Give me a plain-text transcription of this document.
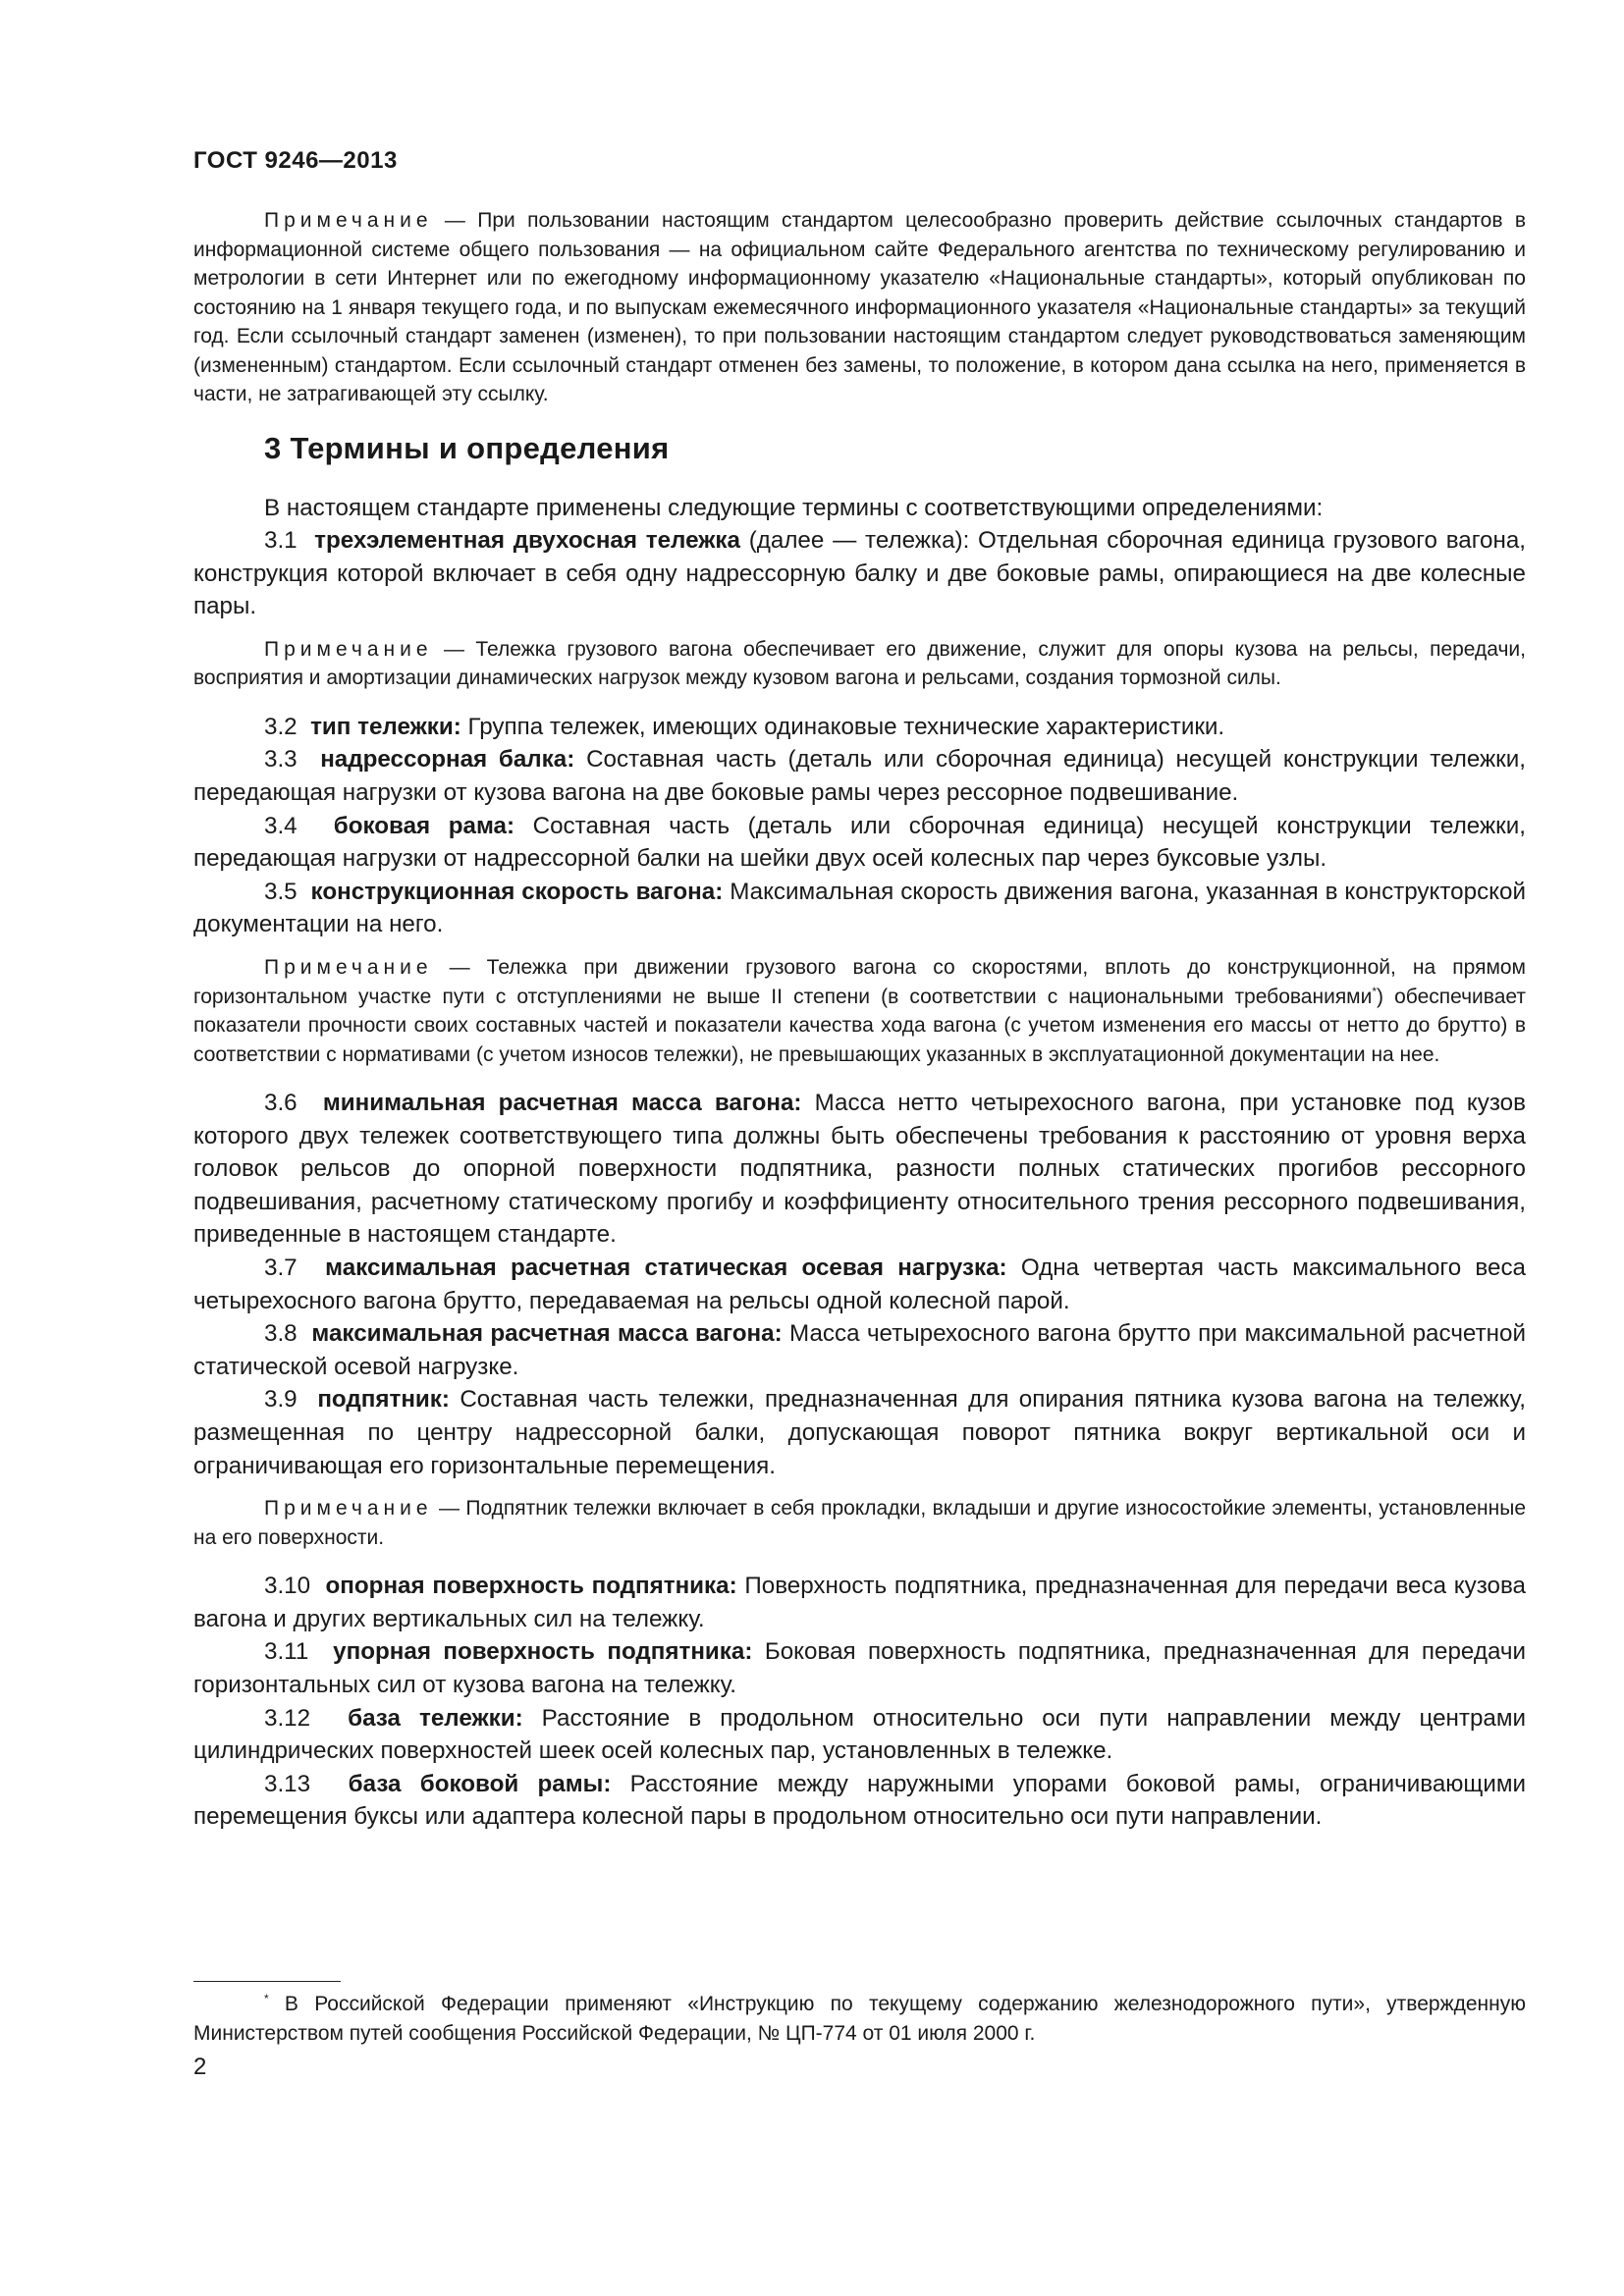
ГОСТ 9246—2013

Примечание — При пользовании настоящим стандартом целесообразно проверить действие ссылочных стандартов в информационной системе общего пользования — на официальном сайте Федерального агентства по техническому регулированию и метрологии в сети Интернет или по ежегодному информационному указателю «Национальные стандарты», который опубликован по состоянию на 1 января текущего года, и по выпускам ежемесячного информационного указателя «Национальные стандарты» за текущий год. Если ссылочный стандарт заменен (изменен), то при пользовании настоящим стандартом следует руководствоваться заменяющим (измененным) стандартом. Если ссылочный стандарт отменен без замены, то положение, в котором дана ссылка на него, применяется в части, не затрагивающей эту ссылку.

3 Термины и определения

В настоящем стандарте применены следующие термины с соответствующими определениями:

3.1 трехэлементная двухосная тележка (далее — тележка): Отдельная сборочная единица грузового вагона, конструкция которой включает в себя одну надрессорную балку и две боковые рамы, опирающиеся на две колесные пары.

Примечание — Тележка грузового вагона обеспечивает его движение, служит для опоры кузова на рельсы, передачи, восприятия и амортизации динамических нагрузок между кузовом вагона и рельсами, создания тормозной силы.

3.2 тип тележки: Группа тележек, имеющих одинаковые технические характеристики.

3.3 надрессорная балка: Составная часть (деталь или сборочная единица) несущей конструкции тележки, передающая нагрузки от кузова вагона на две боковые рамы через рессорное подвешивание.

3.4 боковая рама: Составная часть (деталь или сборочная единица) несущей конструкции тележки, передающая нагрузки от надрессорной балки на шейки двух осей колесных пар через буксовые узлы.

3.5 конструкционная скорость вагона: Максимальная скорость движения вагона, указанная в конструкторской документации на него.

Примечание — Тележка при движении грузового вагона со скоростями, вплоть до конструкционной, на прямом горизонтальном участке пути с отступлениями не выше II степени (в соответствии с национальными требованиями*) обеспечивает показатели прочности своих составных частей и показатели качества хода вагона (с учетом изменения его массы от нетто до брутто) в соответствии с нормативами (с учетом износов тележки), не превышающих указанных в эксплуатационной документации на нее.

3.6 минимальная расчетная масса вагона: Масса нетто четырехосного вагона, при установке под кузов которого двух тележек соответствующего типа должны быть обеспечены требования к расстоянию от уровня верха головок рельсов до опорной поверхности подпятника, разности полных статических прогибов рессорного подвешивания, расчетному статическому прогибу и коэффициенту относительного трения рессорного подвешивания, приведенные в настоящем стандарте.

3.7 максимальная расчетная статическая осевая нагрузка: Одна четвертая часть максимального веса четырехосного вагона брутто, передаваемая на рельсы одной колесной парой.

3.8 максимальная расчетная масса вагона: Масса четырехосного вагона брутто при максимальной расчетной статической осевой нагрузке.

3.9 подпятник: Составная часть тележки, предназначенная для опирания пятника кузова вагона на тележку, размещенная по центру надрессорной балки, допускающая поворот пятника вокруг вертикальной оси и ограничивающая его горизонтальные перемещения.

Примечание — Подпятник тележки включает в себя прокладки, вкладыши и другие износостойкие элементы, установленные на его поверхности.

3.10 опорная поверхность подпятника: Поверхность подпятника, предназначенная для передачи веса кузова вагона и других вертикальных сил на тележку.

3.11 упорная поверхность подпятника: Боковая поверхность подпятника, предназначенная для передачи горизонтальных сил от кузова вагона на тележку.

3.12 база тележки: Расстояние в продольном относительно оси пути направлении между центрами цилиндрических поверхностей шеек осей колесных пар, установленных в тележке.

3.13 база боковой рамы: Расстояние между наружными упорами боковой рамы, ограничивающими перемещения буксы или адаптера колесной пары в продольном относительно оси пути направлении.

* В Российской Федерации применяют «Инструкцию по текущему содержанию железнодорожного пути», утвержденную Министерством путей сообщения Российской Федерации, № ЦП-774 от 01 июля 2000 г.
2
